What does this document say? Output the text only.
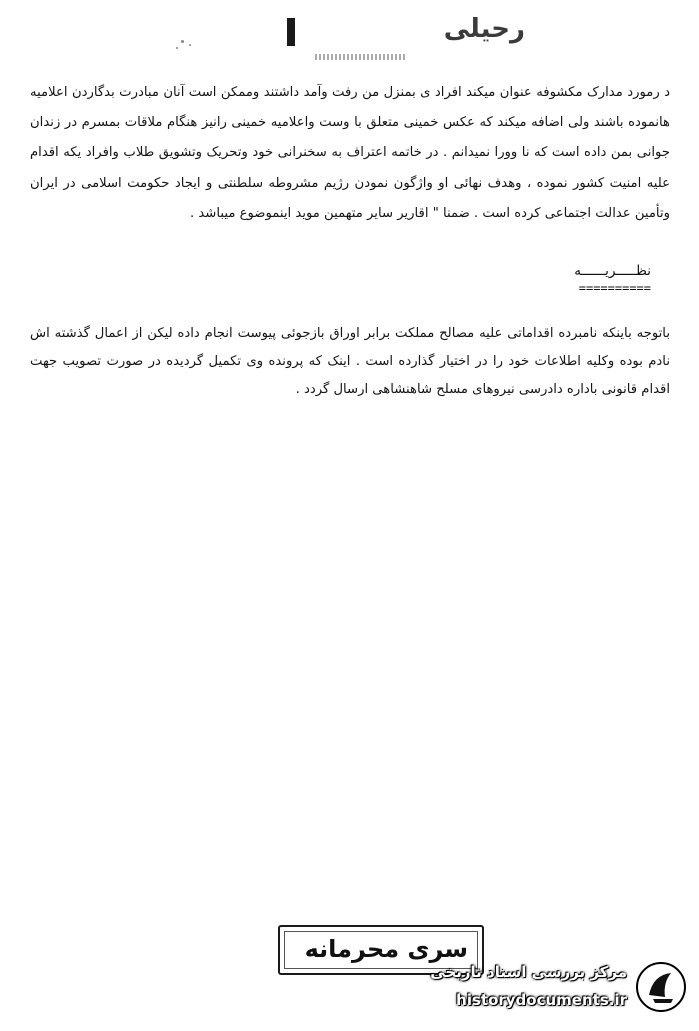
رحیلی

د رمورد مدارک مکشوفه عنوان میکند افراد ی بمنزل من رفت وآمد داشتند وممکن است آنان مبادرت بدگاردن اعلامیه هانموده باشند ولی اضافه میکند که عکس خمینی متعلق با وست واعلامیه خمینی رانیز هنگام ملاقات بمسرم در زندان جوانی بمن داده است که نا وورا نمیدانم . در خاتمه اعتراف به سخنرانی خود وتحریک وتشویق طلاب وافراد یکه اقدام علیه امنیت کشور نموده ، وهدف نهائی او واژگون نمودن رژیم مشروطه سلطنتی و ایجاد حکومت اسلامی در ایران وتأمین عدالت اجتماعی کرده است . ضمنا " اقاریر سایر متهمین موید اینموضوع میباشد .

نظـــــریــــــه
==========

باتوجه باینکه نامبرده اقداماتی علیه مصالح مملکت برابر اوراق بازجوئی پیوست انجام داده لیکن از اعمال گذشته اش نادم بوده وکلیه اطلاعات خود را در اختیار گذارده است . اینک که پرونده وی تکمیل گردیده در صورت تصویب جهت اقدام قانونی باداره دادرسی نیروهای مسلح شاهنشاهی ارسال گردد .

سری محرمانه
مرکز بررسی اسناد تاریخی
historydocuments.ir
